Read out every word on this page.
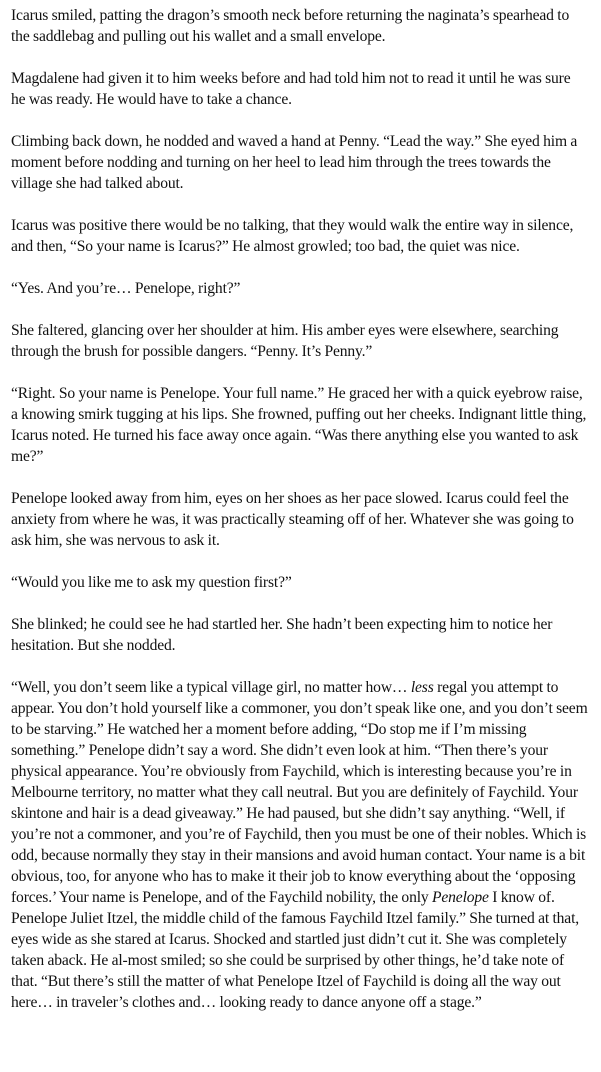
Icarus smiled, patting the dragon’s smooth neck before returning the naginata’s spearhead to the saddlebag and pulling out his wallet and a small envelope.

Magdalene had given it to him weeks before and had told him not to read it until he was sure he was ready. He would have to take a chance.

Climbing back down, he nodded and waved a hand at Penny. “Lead the way.” She eyed him a moment before nodding and turning on her heel to lead him through the trees towards the village she had talked about.

Icarus was positive there would be no talking, that they would walk the entire way in silence, and then, “So your name is Icarus?” He almost growled; too bad, the quiet was nice.

“Yes. And you’re… Penelope, right?”

She faltered, glancing over her shoulder at him. His amber eyes were elsewhere, searching through the brush for possible dangers. “Penny. It’s Penny.”

“Right. So your name is Penelope. Your full name.” He graced her with a quick eyebrow raise, a knowing smirk tugging at his lips. She frowned, puffing out her cheeks. Indignant little thing, Icarus noted. He turned his face away once again. “Was there anything else you wanted to ask me?”

Penelope looked away from him, eyes on her shoes as her pace slowed. Icarus could feel the anxiety from where he was, it was practically steaming off of her. Whatever she was going to ask him, she was nervous to ask it.

“Would you like me to ask my question first?”

She blinked; he could see he had startled her. She hadn’t been expecting him to notice her hesitation. But she nodded.

“Well, you don’t seem like a typical village girl, no matter how… less regal you attempt to appear. You don’t hold yourself like a commoner, you don’t speak like one, and you don’t seem to be starving.” He watched her a moment before adding, “Do stop me if I’m missing something.” Penelope didn’t say a word. She didn’t even look at him. “Then there’s your physical appearance. You’re obviously from Faychild, which is interesting because you’re in Melbourne territory, no matter what they call neutral. But you are definitely of Faychild. Your skintone and hair is a dead giveaway.” He had paused, but she didn’t say anything. “Well, if you’re not a commoner, and you’re of Faychild, then you must be one of their nobles. Which is odd, because normally they stay in their mansions and avoid human contact. Your name is a bit obvious, too, for anyone who has to make it their job to know everything about the ‘opposing forces.’ Your name is Penelope, and of the Faychild nobility, the only Penelope I know of. Penelope Juliet Itzel, the middle child of the famous Faychild Itzel family.” She turned at that, eyes wide as she stared at Icarus. Shocked and startled just didn’t cut it. She was completely taken aback. He al-most smiled; so she could be surprised by other things, he’d take note of that. “But there’s still the matter of what Penelope Itzel of Faychild is doing all the way out here… in traveler’s clothes and… looking ready to dance anyone off a stage.”
